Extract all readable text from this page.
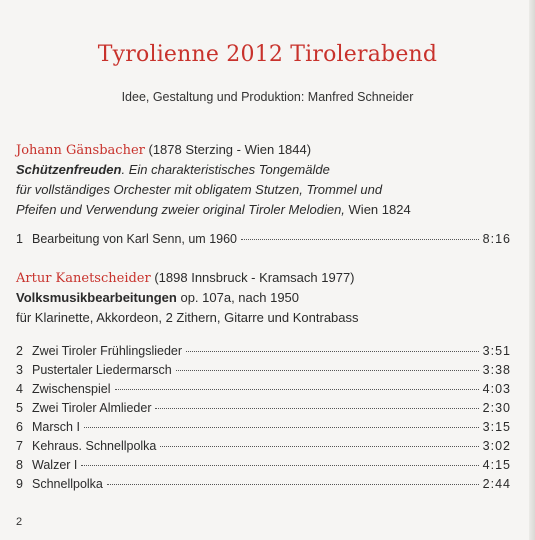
Tyrolienne 2012 Tirolerabend
Idee, Gestaltung und Produktion: Manfred Schneider
Johann Gänsbacher (1878 Sterzing - Wien 1844)
Schützenfreuden. Ein charakteristisches Tongemälde
für vollständiges Orchester mit obligatem Stutzen, Trommel und
Pfeifen und Verwendung zweier original Tiroler Melodien, Wien 1824
1 Bearbeitung von Karl Senn, um 1960	8:16
Artur Kanetscheider (1898 Innsbruck - Kramsach 1977)
Volksmusikbearbeitungen op. 107a, nach 1950
für Klarinette, Akkordeon, 2 Zithern, Gitarre und Kontrabass
2 Zwei Tiroler Frühlingslieder	3:51
3 Pustertaler Liedermarsch	3:38
4 Zwischenspiel	4:03
5 Zwei Tiroler Almlieder	2:30
6 Marsch I	3:15
7 Kehraus. Schnellpolka	3:02
8 Walzer I	4:15
9 Schnellpolka	2:44
2
